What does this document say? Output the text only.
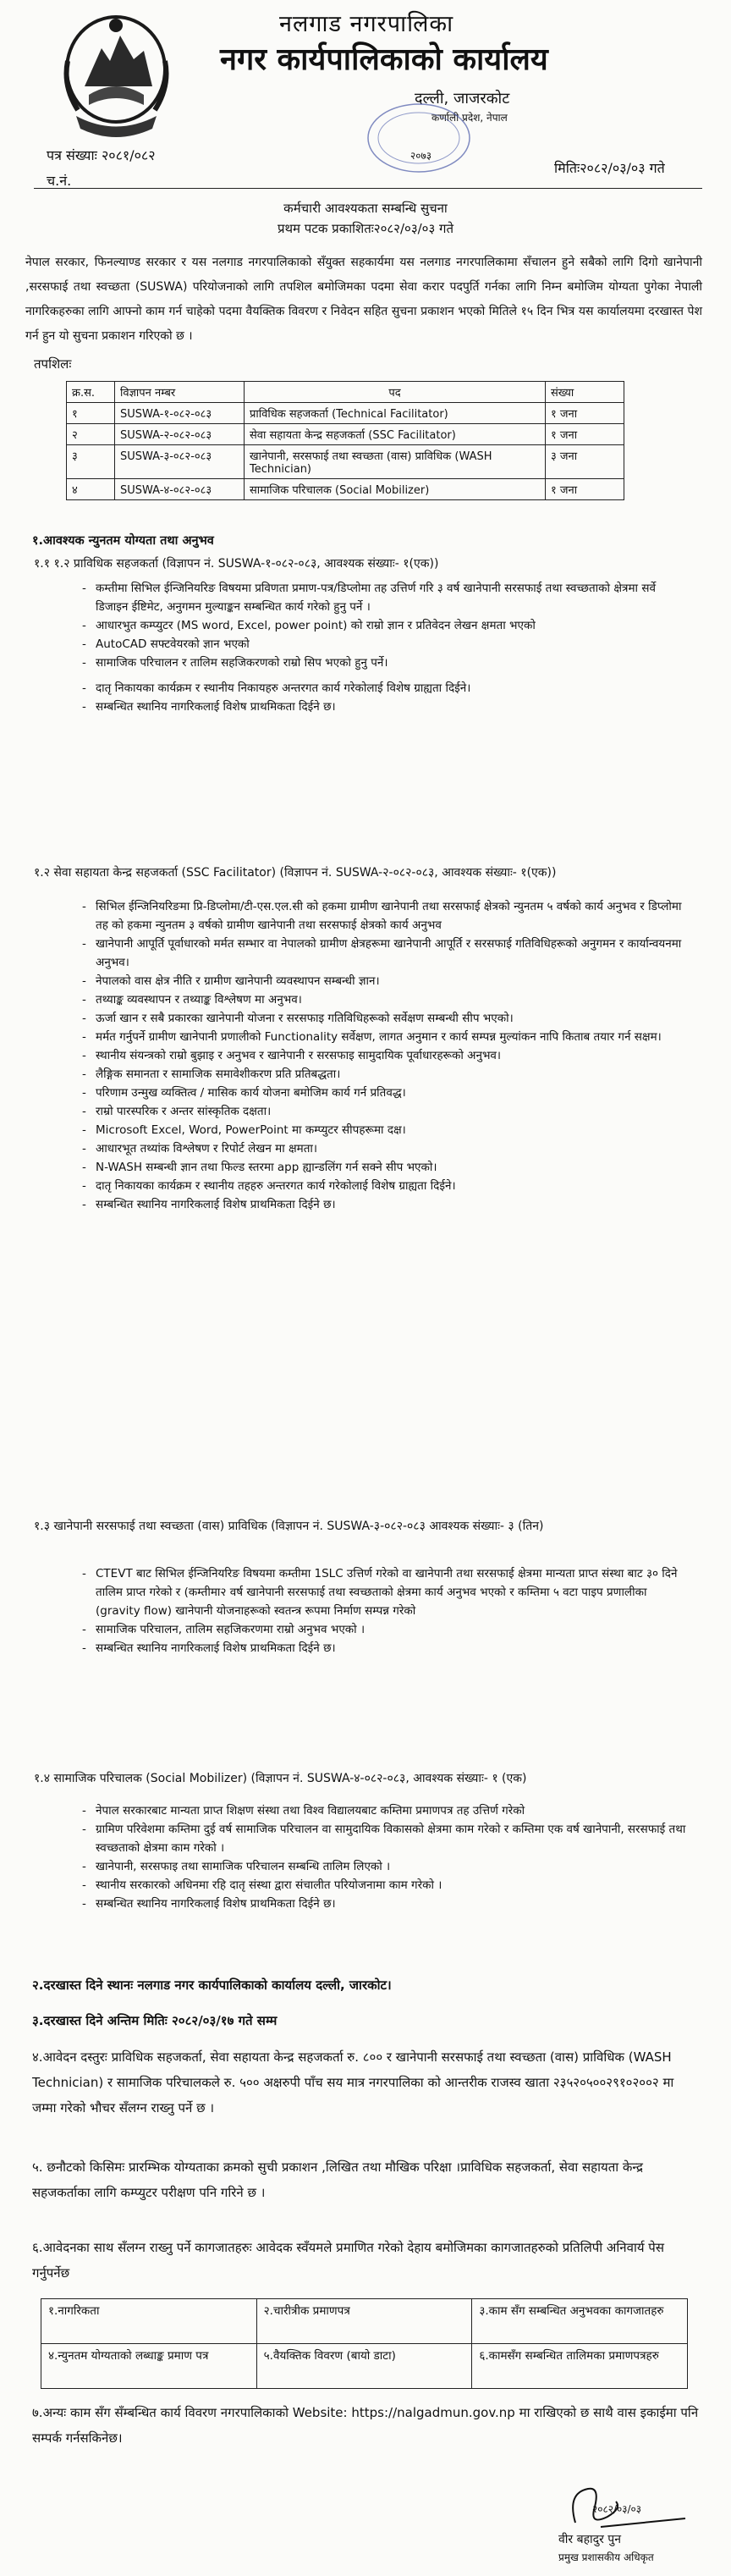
नलगाड नगरपालिका
नगर कार्यपालिकाको कार्यालय
दल्ली, जाजरकोट
कर्णाली प्रदेश, नेपाल
२०७३
पत्र संख्याः २०८१/०८२
च.नं.
मितिः२०८२/०३/०३ गते
कर्मचारी आवश्यकता सम्बन्धि सुचना
प्रथम पटक प्रकाशितः२०८२/०३/०३ गते
नेपाल सरकार, फिनल्याण्ड सरकार र यस नलगाड नगरपालिकाको सँयुक्त सहकार्यमा यस नलगाड नगरपालिकामा सँचालन हुने सबैको लागि दिगो खानेपानी ,सरसफाई तथा स्वच्छता (SUSWA) परियोजनाको लागि तपशिल बमोजिमका पदमा सेवा करार पदपुर्ति गर्नका लागि निम्न बमोजिम योग्यता पुगेका नेपाली नागरिकहरुका लागि आफ्नो काम गर्न चाहेको पदमा वैयक्तिक विवरण र निवेदन सहित सुचना प्रकाशन भएको मितिले १५ दिन भित्र यस कार्यालयमा दरखास्त पेश गर्न हुन यो सुचना प्रकाशन गरिएको छ ।
तपशिलः
क्र.स.	विज्ञापन नम्बर	पद	संख्या
१	SUSWA-१-०८२-०८३	प्राविधिक सहजकर्ता (Technical Facilitator)	१ जना
२	SUSWA-२-०८२-०८३	सेवा सहायता केन्द्र सहजकर्ता (SSC Facilitator)	१ जना
३	SUSWA-३-०८२-०८३	खानेपानी, सरसफाई तथा स्वच्छता (वास) प्राविधिक (WASH Technician)	३ जना
४	SUSWA-४-०८२-०८३	सामाजिक परिचालक (Social Mobilizer)	१ जना
१.आवश्यक न्युनतम योग्यता तथा अनुभव
१.१ १.२ प्राविधिक सहजकर्ता (विज्ञापन नं. SUSWA-१-०८२-०८३, आवश्यक संख्याः- १(एक))
- कम्तीमा सिभिल ईन्जिनियरिङ विषयमा प्रविणता प्रमाण-पत्र/डिप्लोमा तह उत्तिर्ण गरि ३ वर्ष खानेपानी सरसफाई तथा स्वच्छताको क्षेत्रमा सर्वे डिजाइन ईष्टिमेट, अनुगमन मुल्याङ्कन सम्बन्धित कार्य गरेको हुनु पर्ने ।
- आधारभुत कम्प्युटर (MS word, Excel, power point) को राम्रो ज्ञान र प्रतिवेदन लेखन क्षमता भएको
- AutoCAD सफ्टवेयरको ज्ञान भएको
- सामाजिक परिचालन र तालिम सहजिकरणको राम्रो सिप भएको हुनु पर्ने।
- दातृ निकायका कार्यक्रम र स्थानीय निकायहरु अन्तरगत कार्य गरेकोलाई विशेष ग्राह्यता दिईने।
- सम्बन्धित स्थानिय नागरिकलाई विशेष प्राथमिकता दिईने छ।
१.२ सेवा सहायता केन्द्र सहजकर्ता (SSC Facilitator) (विज्ञापन नं. SUSWA-२-०८२-०८३, आवश्यक संख्याः- १(एक))
- सिभिल ईन्जिनियरिङमा प्रि-डिप्लोमा/टी-एस.एल.सी को हकमा ग्रामीण खानेपानी तथा सरसफाई क्षेत्रको न्युनतम ५ वर्षको कार्य अनुभव र डिप्लोमा तह को हकमा न्युनतम ३ वर्षको ग्रामीण खानेपानी तथा सरसफाई क्षेत्रको कार्य अनुभव
- खानेपानी आपूर्ति पूर्वाधारको मर्मत सम्भार वा नेपालको ग्रामीण क्षेत्रहरूमा खानेपानी आपूर्ति र सरसफाई गतिविधिहरूको अनुगमन र कार्यान्वयनमा अनुभव।
- नेपालको वास क्षेत्र नीति र ग्रामीण खानेपानी व्यवस्थापन सम्बन्धी ज्ञान।
- तथ्याङ्क व्यवस्थापन र तथ्याङ्क विश्लेषण मा अनुभव।
- ऊर्जा खान र सबै प्रकारका खानेपानी योजना र सरसफाइ गतिविधिहरूको सर्वेक्षण सम्बन्धी सीप भएको।
- मर्मत गर्नुपर्ने ग्रामीण खानेपानी प्रणालीको Functionality सर्वेक्षण, लागत अनुमान र कार्य सम्पन्न मुल्यांकन नापि किताब तयार गर्न सक्षम।
- स्थानीय संयन्त्रको राम्रो बुझाइ र अनुभव र खानेपानी र सरसफाइ सामुदायिक पूर्वाधारहरूको अनुभव।
- लैङ्गिक समानता र सामाजिक समावेशीकरण प्रति प्रतिबद्धता।
- परिणाम उन्मुख व्यक्तित्व / मासिक कार्य योजना बमोजिम कार्य गर्न प्रतिवद्ध।
- राम्रो पारस्परिक र अन्तर सांस्कृतिक दक्षता।
- Microsoft Excel, Word, PowerPoint मा कम्प्युटर सीपहरूमा दक्ष।
- आधारभूत तथ्यांक विश्लेषण र रिपोर्ट लेखन मा क्षमता।
- N-WASH सम्बन्धी ज्ञान तथा फिल्ड स्तरमा app ह्यान्डलिंग गर्न सक्ने सीप भएको।
- दातृ निकायका कार्यक्रम र स्थानीय तहहरु अन्तरगत कार्य गरेकोलाई विशेष ग्राह्यता दिईने।
- सम्बन्धित स्थानिय नागरिकलाई विशेष प्राथमिकता दिईने छ।
१.३ खानेपानी सरसफाई तथा स्वच्छता (वास) प्राविधिक (विज्ञापन नं. SUSWA-३-०८२-०८३ आवश्यक संख्याः- ३ (तिन)
- CTEVT बाट सिभिल ईन्जिनियरिङ विषयमा कम्तीमा 1SLC उत्तिर्ण गरेको वा खानेपानी तथा सरसफाई क्षेत्रमा मान्यता प्राप्त संस्था बाट ३० दिने तालिम प्राप्त गरेको र (कम्तीमा२ वर्ष खानेपानी सरसफाई तथा स्वच्छताको क्षेत्रमा कार्य अनुभव भएको र कम्तिमा ५ वटा पाइप प्रणालीका (gravity flow) खानेपानी योजनाहरूको स्वतन्त्र रूपमा निर्माण सम्पन्न गरेको
- सामाजिक परिचालन, तालिम सहजिकरणमा राम्रो अनुभव भएको ।
- सम्बन्धित स्थानिय नागरिकलाई विशेष प्राथमिकता दिईने छ।
१.४ सामाजिक परिचालक (Social Mobilizer) (विज्ञापन नं. SUSWA-४-०८२-०८३, आवश्यक संख्याः- १ (एक)
- नेपाल सरकारबाट मान्यता प्राप्त शिक्षण संस्था तथा विश्व विद्यालयबाट कम्तिमा प्रमाणपत्र तह उत्तिर्ण गरेको
- ग्रामिण परिवेशमा कम्तिमा दुई वर्ष सामाजिक परिचालन वा सामुदायिक विकासको क्षेत्रमा काम गरेको र कम्तिमा एक वर्ष खानेपानी, सरसफाई तथा स्वच्छताको क्षेत्रमा काम गरेको ।
- खानेपानी, सरसफाइ तथा सामाजिक परिचालन सम्बन्धि तालिम लिएको ।
- स्थानीय सरकारको अधिनमा रहि दातृ संस्था द्वारा संचालीत परियोजनामा काम गरेको ।
- सम्बन्धित स्थानिय नागरिकलाई विशेष प्राथमिकता दिईने छ।
२.दरखास्त दिने स्थानः नलगाड नगर कार्यपालिकाको कार्यालय दल्ली, जारकोट।
३.दरखास्त दिने अन्तिम मितिः २०८२/०३/१७ गते सम्म
४.आवेदन दस्तुरः प्राविधिक सहजकर्ता, सेवा सहायता केन्द्र सहजकर्ता रु. ८०० र खानेपानी सरसफाई तथा स्वच्छता (वास) प्राविधिक (WASH Technician) र सामाजिक परिचालकले रु. ५०० अक्षरुपी पाँच सय मात्र नगरपालिका को आन्तरीक राजस्व खाता २३५२०५००२९१०२००२ मा जम्मा गरेको भौचर सँलग्न राख्नु पर्ने छ ।
५. छनौटको किसिमः प्रारम्भिक योग्यताका क्रमको सुची प्रकाशन ,लिखित तथा मौखिक परिक्षा ।प्राविधिक सहजकर्ता, सेवा सहायता केन्द्र सहजकर्ताका लागि कम्प्युटर परीक्षण पनि गरिने छ ।
६.आवेदनका साथ सँलग्न राख्नु पर्ने कागजातहरुः आवेदक स्वँयमले प्रमाणित गरेको देहाय बमोजिमका कागजातहरुको प्रतिलिपी अनिवार्य पेस गर्नुपर्नेछ
१.नागरिकता	२.चारीत्रीक प्रमाणपत्र	३.काम सँग सम्बन्धित अनुभवका कागजातहरु
४.न्युनतम योग्यताको लब्धाङ्क प्रमाण पत्र	५.वैयक्तिक विवरण (बायो डाटा)	६.कामसँग सम्बन्धित तालिमका प्रमाणपत्रहरु
७.अन्यः काम सँग सँम्बन्धित कार्य विवरण नगरपालिकाको Website: https://nalgadmun.gov.np मा राखिएको छ साथै वास इकाईमा पनि सम्पर्क गर्नसकिनेछ।
२०८२/०३/०३
वीर बहादुर पुन
प्रमुख प्रशासकीय अधिकृत
